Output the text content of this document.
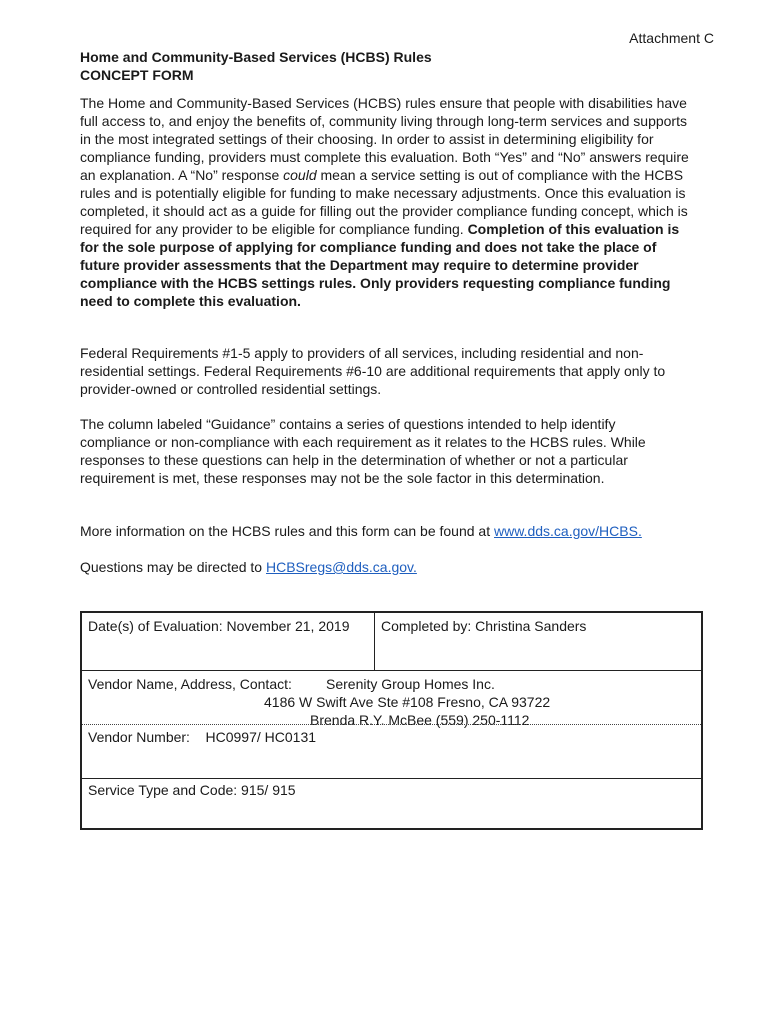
Attachment C
Home and Community-Based Services (HCBS) Rules
CONCEPT FORM

The Home and Community-Based Services (HCBS) rules ensure that people with disabilities have full access to, and enjoy the benefits of, community living through long-term services and supports in the most integrated settings of their choosing. In order to assist in determining eligibility for compliance funding, providers must complete this evaluation. Both “Yes” and “No” answers require an explanation. A “No” response could mean a service setting is out of compliance with the HCBS rules and is potentially eligible for funding to make necessary adjustments. Once this evaluation is completed, it should act as a guide for filling out the provider compliance funding concept, which is required for any provider to be eligible for compliance funding. Completion of this evaluation is for the sole purpose of applying for compliance funding and does not take the place of future provider assessments that the Department may require to determine provider compliance with the HCBS settings rules. Only providers requesting compliance funding need to complete this evaluation.

Federal Requirements #1-5 apply to providers of all services, including residential and non-residential settings. Federal Requirements #6-10 are additional requirements that apply only to provider-owned or controlled residential settings.

The column labeled “Guidance” contains a series of questions intended to help identify compliance or non-compliance with each requirement as it relates to the HCBS rules. While responses to these questions can help in the determination of whether or not a particular requirement is met, these responses may not be the sole factor in this determination.

More information on the HCBS rules and this form can be found at www.dds.ca.gov/HCBS.

Questions may be directed to HCBSregs@dds.ca.gov.

Date(s) of Evaluation: November 21, 2019	Completed by: Christina Sanders
Vendor Name, Address, Contact: Serenity Group Homes Inc.
4186 W Swift Ave Ste #108 Fresno, CA 93722
Brenda R.Y. McBee (559) 250-1112
Vendor Number:    HC0997/ HC0131
Service Type and Code: 915/ 915
